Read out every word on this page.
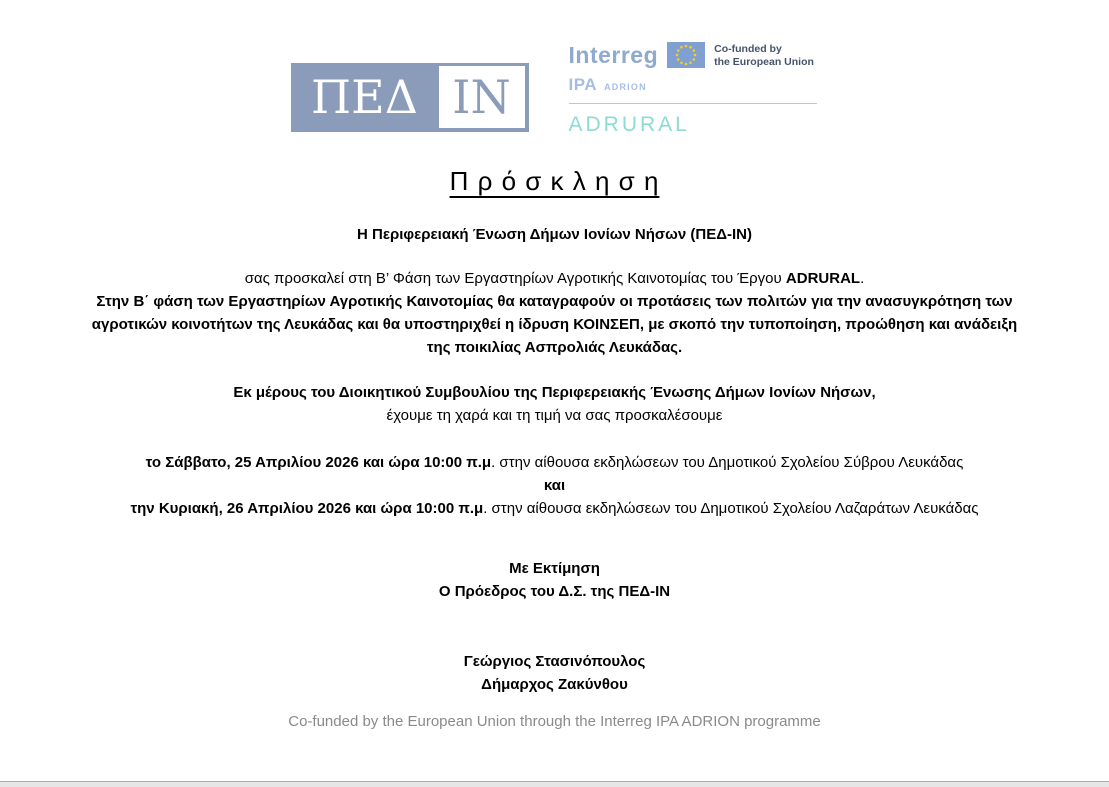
ΠΕΔ ΙΝ
Interreg	Co-funded by
the European Union
IPA ADRION
ADRURAL
Π ρ ό σ κ λ η σ η
Η Περιφερειακή Ένωση Δήμων Ιονίων Νήσων (ΠΕΔ-ΙΝ)
σας προσκαλεί στη Β’ Φάση των Εργαστηρίων Αγροτικής Καινοτομίας του Έργου ADRURAL.
Στην Β΄ φάση των Εργαστηρίων Αγροτικής Καινοτομίας θα καταγραφούν οι προτάσεις των πολιτών για την ανασυγκρότηση των αγροτικών κοινοτήτων της Λευκάδας και θα υποστηριχθεί η ίδρυση ΚΟΙΝΣΕΠ, με σκοπό την τυποποίηση, προώθηση και ανάδειξη της ποικιλίας Ασπρολιάς Λευκάδας.
Εκ μέρους του Διοικητικού Συμβουλίου της Περιφερειακής Ένωσης Δήμων Ιονίων Νήσων,
έχουμε τη χαρά και τη τιμή να σας προσκαλέσουμε
το Σάββατο, 25 Απριλίου 2026 και ώρα 10:00 π.μ. στην αίθουσα εκδηλώσεων του Δημοτικού Σχολείου Σύβρου Λευκάδας
και
την Κυριακή, 26 Απριλίου 2026 και ώρα 10:00 π.μ. στην αίθουσα εκδηλώσεων του Δημοτικού Σχολείου Λαζαράτων Λευκάδας
Με Εκτίμηση
Ο Πρόεδρος του Δ.Σ. της ΠΕΔ-ΙΝ
Γεώργιος Στασινόπουλος
Δήμαρχος Ζακύνθου
Co-funded by the European Union through the Interreg IPA ADRION programme
